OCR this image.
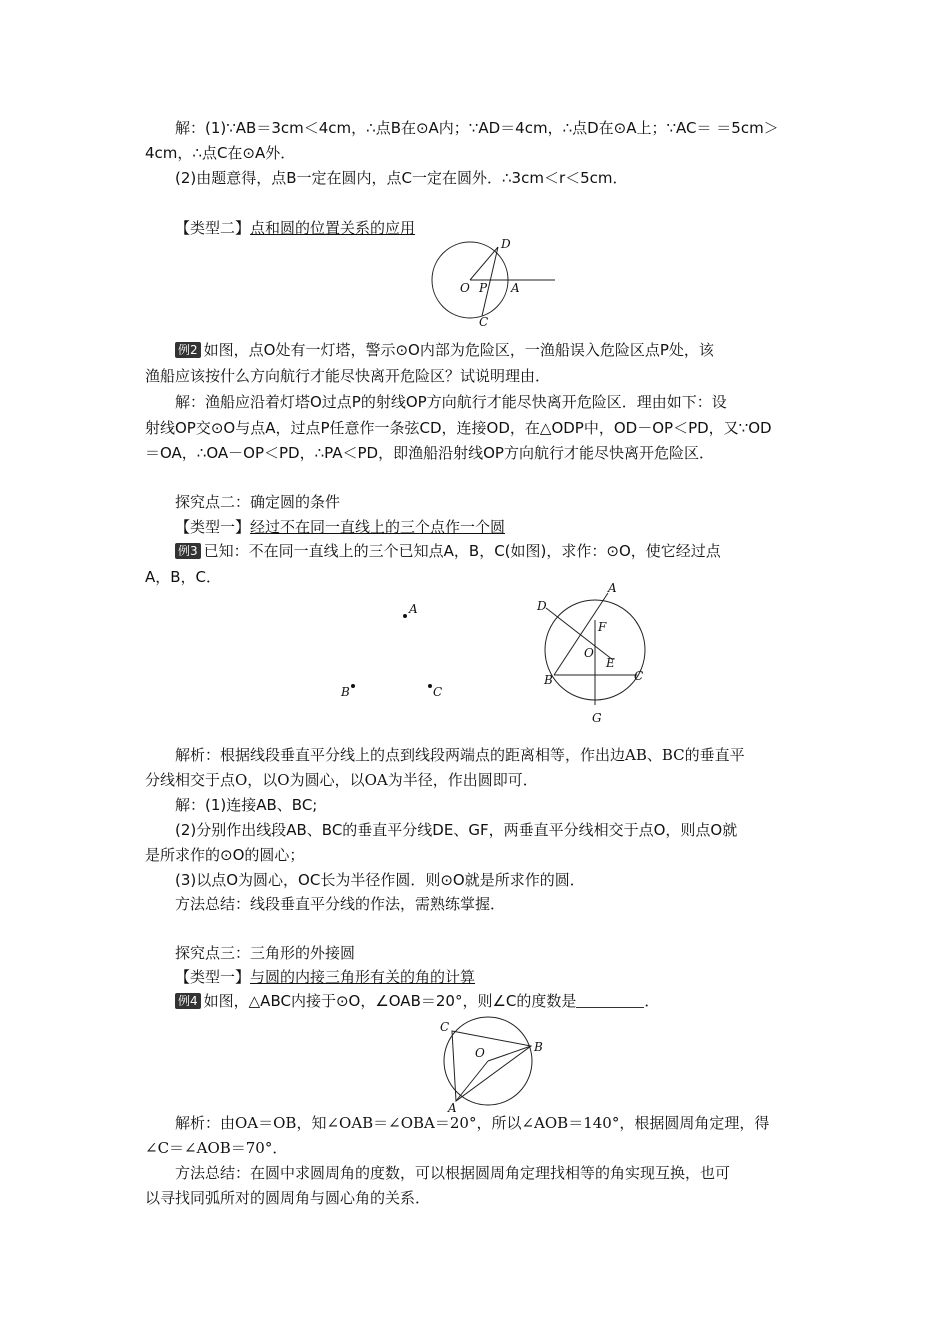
解：(1)∵AB＝3cm＜4cm，∴点B在⊙A内；∵AD＝4cm，∴点D在⊙A上；∵AC＝ ＝5cm＞
4cm，∴点C在⊙A外．
(2)由题意得，点B一定在圆内，点C一定在圆外．∴3cm＜r＜5cm．
【类型二】点和圆的位置关系的应用
D
O P A
C
例2 如图，点O处有一灯塔，警示⊙O内部为危险区，一渔船误入危险区点P处，该
渔船应该按什么方向航行才能尽快离开危险区？试说明理由．
解：渔船应沿着灯塔O过点P的射线OP方向航行才能尽快离开危险区．理由如下：设
射线OP交⊙O与点A，过点P任意作一条弦CD，连接OD，在△ODP中，OD－OP＜PD，又∵OD
＝OA，∴OA－OP＜PD，∴PA＜PD，即渔船沿射线OP方向航行才能尽快离开危险区．
探究点二：确定圆的条件
【类型一】经过不在同一直线上的三个点作一个圆
例3 已知：不在同一直线上的三个已知点A，B，C(如图)，求作：⊙O，使它经过点
A，B，C．
A
B	C
A
D
F
O
E
B	C
G
解析：根据线段垂直平分线上的点到线段两端点的距离相等，作出边AB、BC的垂直平
分线相交于点O，以O为圆心，以OA为半径，作出圆即可．
解：(1)连接AB、BC;
(2)分别作出线段AB、BC的垂直平分线DE、GF，两垂直平分线相交于点O，则点O就
是所求作的⊙O的圆心；
(3)以点O为圆心，OC长为半径作圆．则⊙O就是所求作的圆．
方法总结：线段垂直平分线的作法，需熟练掌握．
探究点三：三角形的外接圆
【类型一】与圆的内接三角形有关的角的计算
例4 如图，△ABC内接于⊙O，∠OAB＝20°，则∠C的度数是	．
C
O	B
A
解析：由OA＝OB，知∠OAB＝∠OBA＝20°，所以∠AOB＝140°，根据圆周角定理，得
∠C＝∠AOB＝70°．
方法总结：在圆中求圆周角的度数，可以根据圆周角定理找相等的角实现互换，也可
以寻找同弧所对的圆周角与圆心角的关系．
